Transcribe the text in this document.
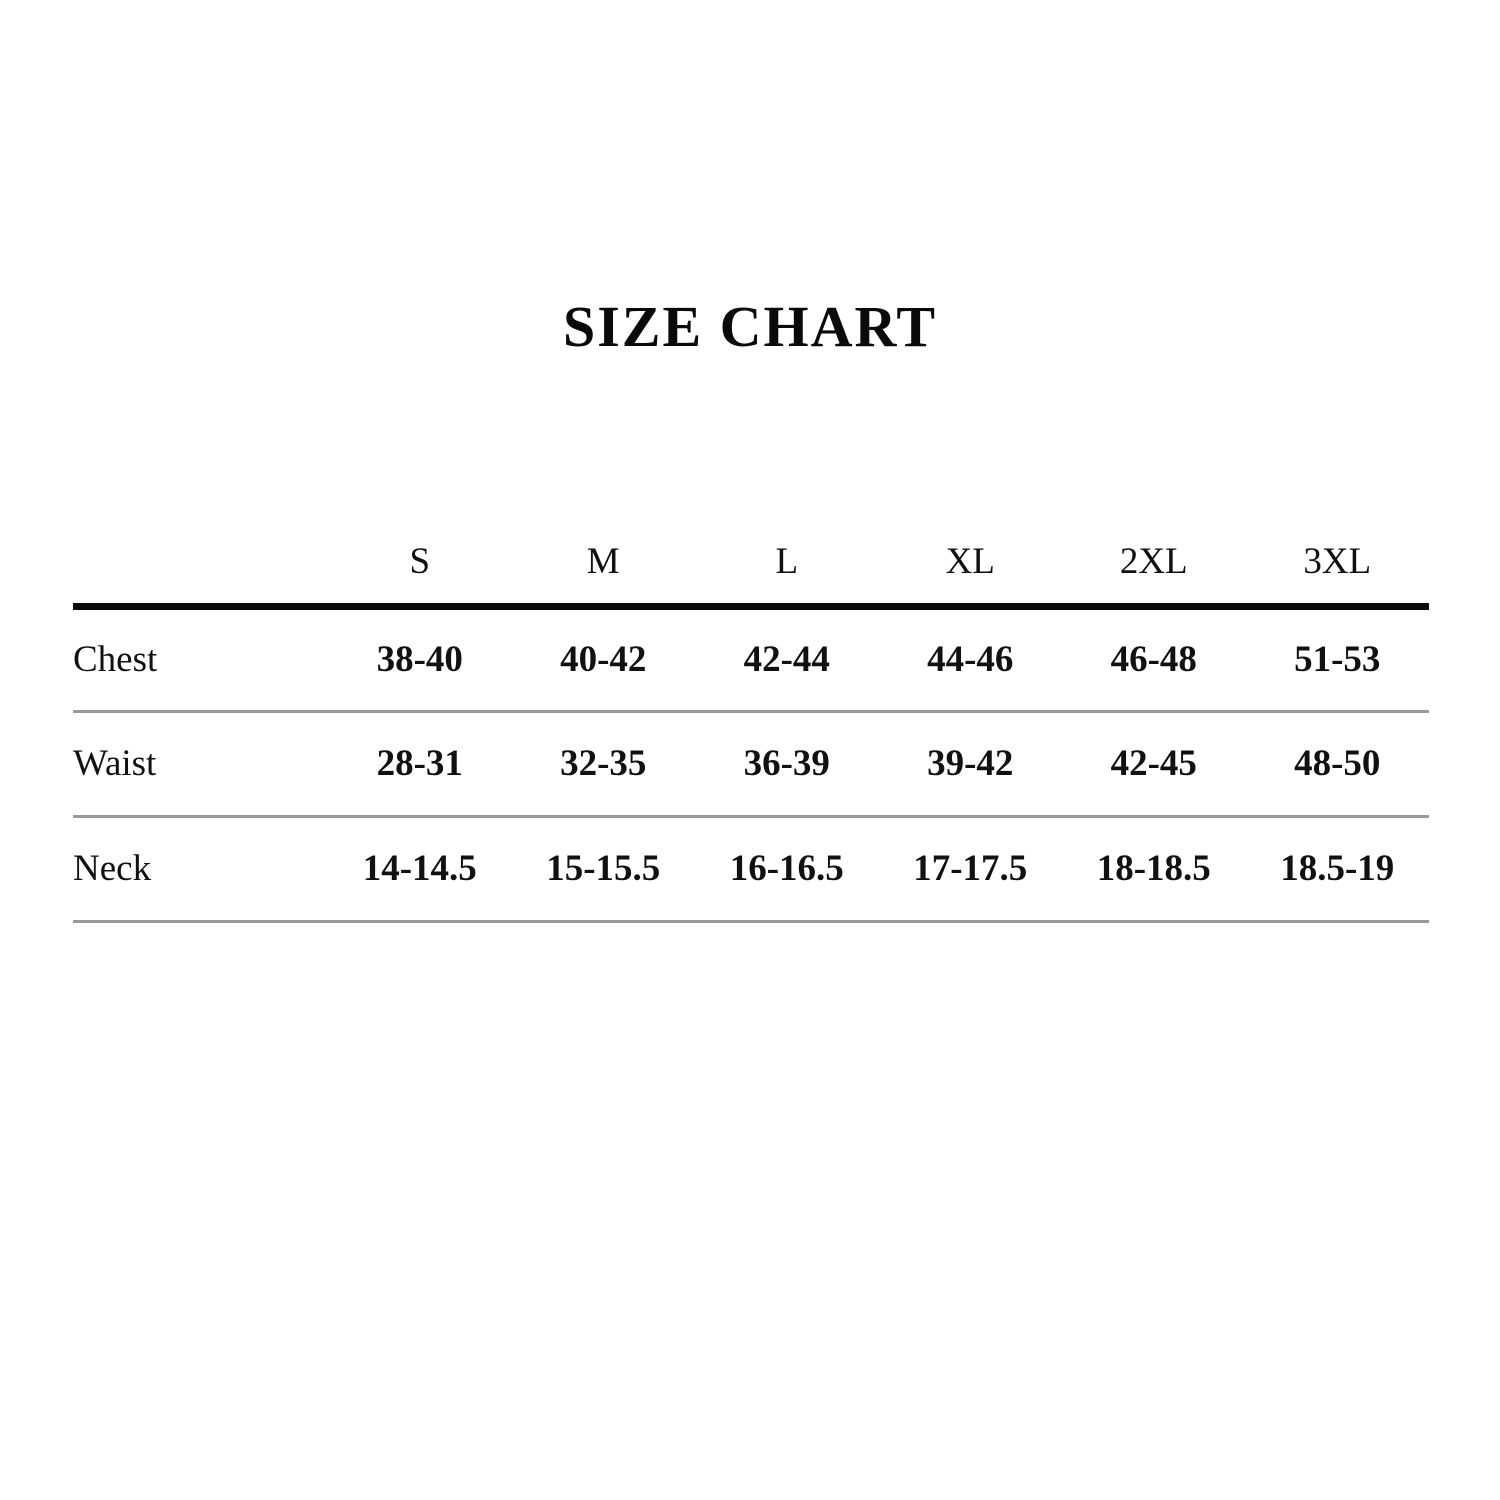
SIZE CHART
	S	M	L	XL	2XL	3XL
Chest	38-40	40-42	42-44	44-46	46-48	51-53
Waist	28-31	32-35	36-39	39-42	42-45	48-50
Neck	14-14.5	15-15.5	16-16.5	17-17.5	18-18.5	18.5-19
